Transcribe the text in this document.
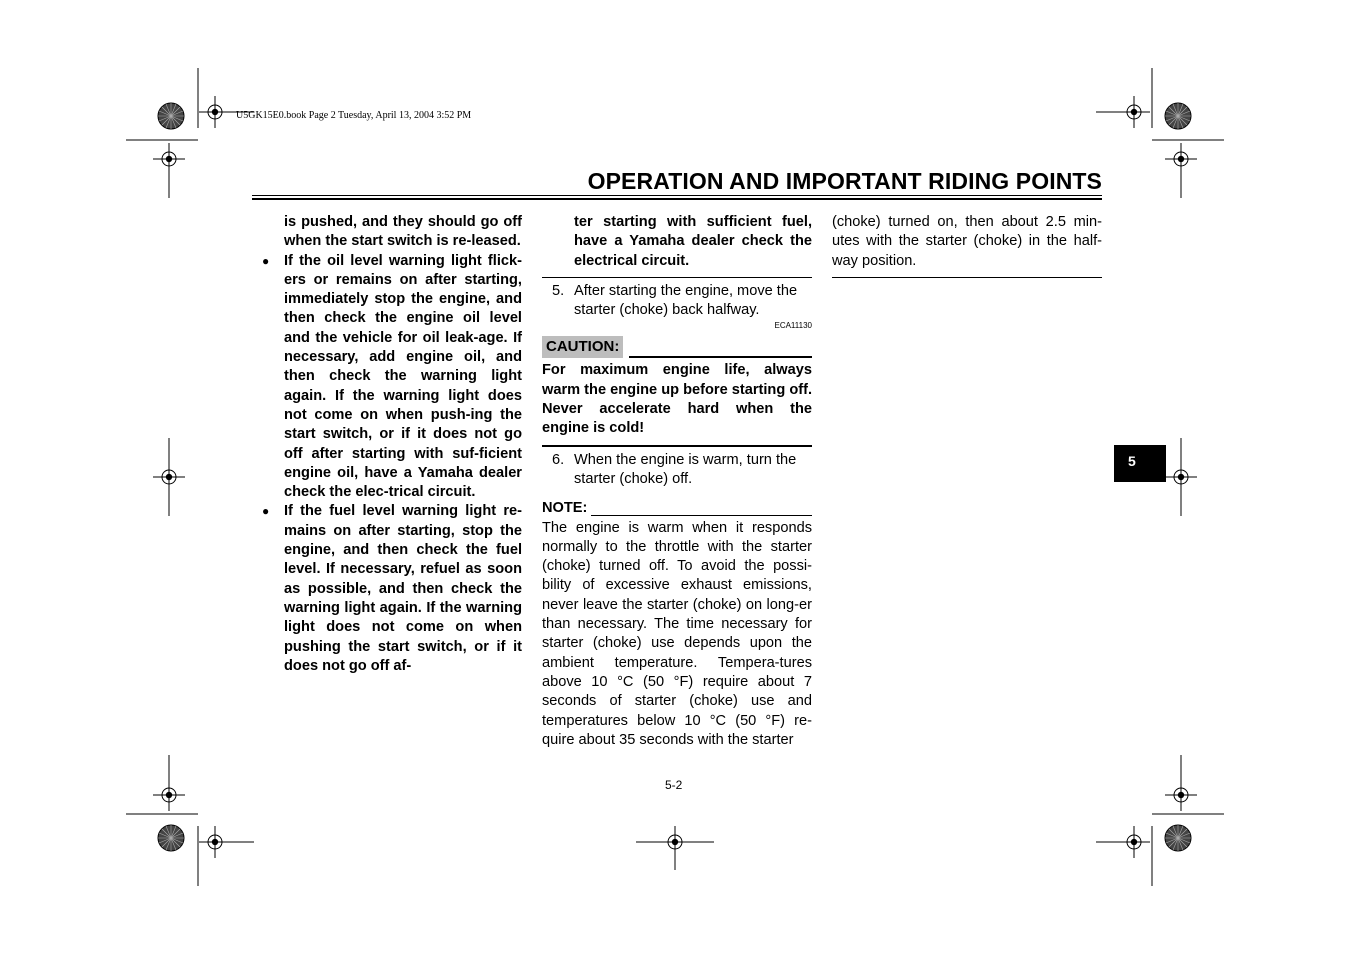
U5GK15E0.book Page 2 Tuesday, April 13, 2004 3:52 PM
OPERATION AND IMPORTANT RIDING POINTS

is pushed, and they should go off when the start switch is re-leased.

● If the oil level warning light flick-ers or remains on after starting, immediately stop the engine, and then check the engine oil level and the vehicle for oil leak-age. If necessary, add engine oil, and then check the warning light again. If the warning light does not come on when push-ing the start switch, or if it does not go off after starting with suf-ficient engine oil, have a Yamaha dealer check the elec-trical circuit.

● If the fuel level warning light re-mains on after starting, stop the engine, and then check the fuel level. If necessary, refuel as soon as possible, and then check the warning light again. If the warning light does not come on when pushing the start switch, or if it does not go off af-

ter starting with sufficient fuel, have a Yamaha dealer check the electrical circuit.

5. After starting the engine, move the starter (choke) back halfway.

ECA11130
CAUTION:

For maximum engine life, always warm the engine up before starting off. Never accelerate hard when the engine is cold!

6. When the engine is warm, turn the starter (choke) off.

NOTE:

The engine is warm when it responds normally to the throttle with the starter (choke) turned off. To avoid the possi-bility of excessive exhaust emissions, never leave the starter (choke) on long-er than necessary. The time necessary for starter (choke) use depends upon the ambient temperature. Tempera-tures above 10 °C (50 °F) require about 7 seconds of starter (choke) use and temperatures below 10 °C (50 °F) re-quire about 35 seconds with the starter

(choke) turned on, then about 2.5 min-utes with the starter (choke) in the half-way position.

5
5-2
